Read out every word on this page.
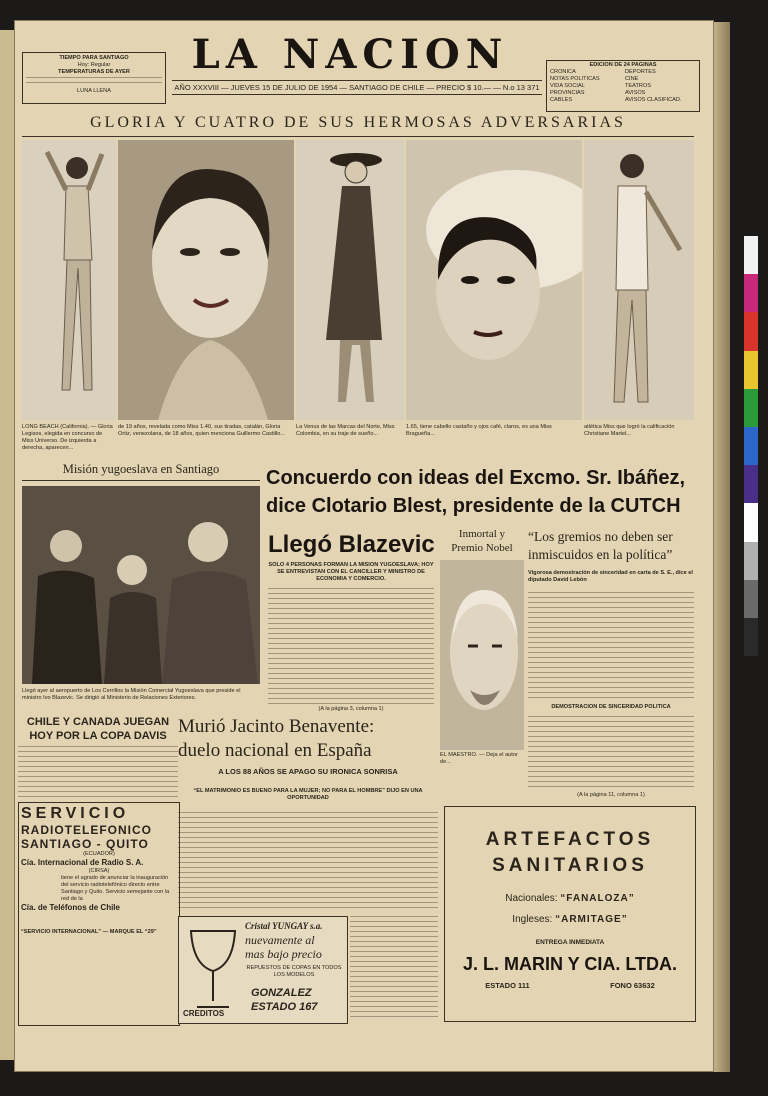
TIEMPO PARA SANTIAGO
Hoy: Regular
TEMPERATURAS DE AYER
LUNA LLENA
LA NACION
AÑO XXXVIII — JUEVES 15 DE JULIO DE 1954 — SANTIAGO DE CHILE — PRECIO $ 10.— — N.o 13 371
EDICION DE 24 PAGINAS
CRONICA	DEPORTES
NOTAS POLITICAS	CINE
VIDA SOCIAL	TEATROS
PROVINCIAS	AVISOS
CABLES	AVISOS CLASIFICAD.
GLORIA Y CUATRO DE SUS HERMOSAS ADVERSARIAS
LONG BEACH (California). — Gloria Legisos, elegida en concurso de Miss Universo. De izquierda a derecha, aparecen...
de 19 años, revelada como Miss 1.40, sus tiradas, catalán, Gloria Ortiz, venezolana, de 18 años, quien menciona Guillermo Castillo...
La Venus de las Marcas del Norte, Miss Colombia, en su traje de sueño...
1.65, tiene cabello castaño y ojos café, claros, es una Miss Bragueña...
atlética Miss que logró la calificación Christiane Martel...
Misión yugoeslava en Santiago
Llegó ayer al aeropuerto de Los Cerrillos la Misión Comercial Yugoeslava que preside el ministro Ivo Blazevic. Se dirigió al Ministerio de Relaciones Exteriores.
Concuerdo con ideas del Excmo. Sr. Ibáñez,
dice Clotario Blest, presidente de la CUTCH
Llegó Blazevic
SOLO 4 PERSONAS FORMAN LA MISION YUGOESLAVA; HOY SE ENTREVISTAN CON EL CANCILLER Y MINISTRO DE ECONOMIA Y COMERCIO.
(A la página 3, columna 1)
Inmortal y
Premio Nobel
EL MAESTRO. — Deja el autor de...
“Los gremios no deben ser
inmiscuidos en la política”
Vigorosa demostración de sinceridad en carta de S. E., dice el diputado David Lebón
DEMOSTRACION DE SINCERIDAD POLITICA
(A la página 11, columna 1)
CHILE Y CANADA JUEGAN
HOY POR LA COPA DAVIS Murió Jacinto Benavente:
duelo nacional en España
A LOS 88 AÑOS SE APAGO SU IRONICA SONRISA
“EL MATRIMONIO ES BUENO PARA LA MUJER; NO PARA EL HOMBRE” DIJO EN UNA OPORTUNIDAD
SERVICIO
RADIOTELEFONICO
SANTIAGO - QUITO
(ECUADOR)
Cía. Internacional de Radio S. A.
(CIRSA)
tiene el agrado de anunciar la inauguración del servicio radiotelefónico directo entre Santiago y Quito. Servicio semejante con la red de la
Cía. de Teléfonos de Chile
“SERVICIO INTERNACIONAL” — MARQUE EL “29”
Cristal YUNGAY s.a.
nuevamente al
mas bajo precio
REPUESTOS DE COPAS EN TODOS LOS MODELOS
CREDITOS
GONZALEZ
ESTADO 167
ARTEFACTOS
SANITARIOS
Nacionales: “FANALOZA”
Ingleses: “ARMITAGE”
ENTREGA INMEDIATA
J. L. MARIN Y CIA. LTDA.
ESTADO 111	FONO 63632
